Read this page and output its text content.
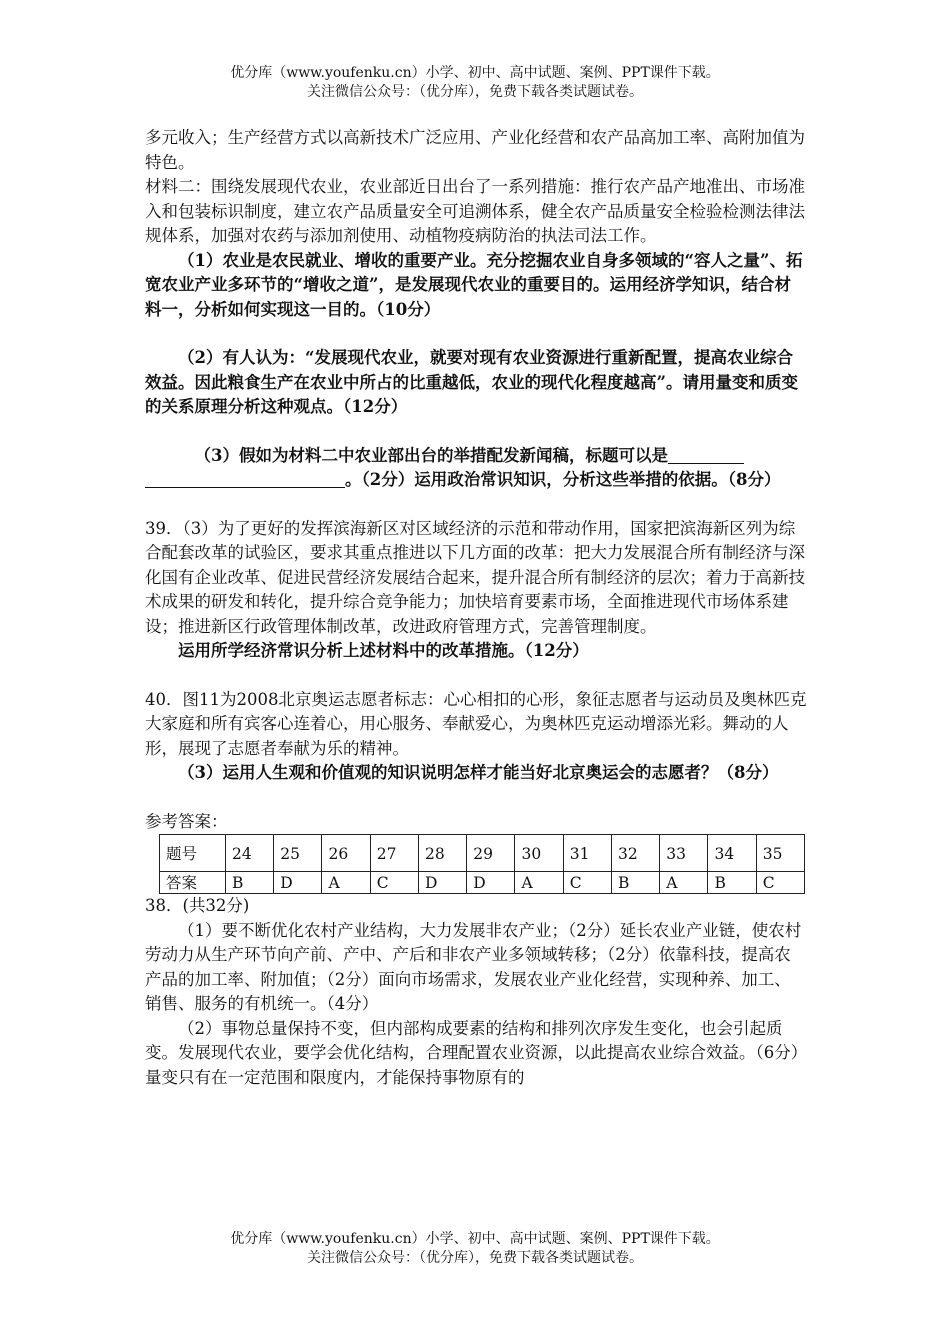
优分库（www.youfenku.cn）小学、初中、高中试题、案例、PPT课件下载。
关注微信公众号：（优分库），免费下载各类试题试卷。

多元收入；生产经营方式以高新技术广泛应用、产业化经营和农产品高加工率、高附加值为特色。

材料二：围绕发展现代农业，农业部近日出台了一系列措施：推行农产品产地准出、市场准入和包装标识制度，建立农产品质量安全可追溯体系，健全农产品质量安全检验检测法律法规体系，加强对农药与添加剂使用、动植物疫病防治的执法司法工作。

（1）农业是农民就业、增收的重要产业。充分挖掘农业自身多领域的“容人之量”、拓宽农业产业多环节的“增收之道”，是发展现代农业的重要目的。运用经济学知识，结合材料一，分析如何实现这一目的。（10分）

（2）有人认为：“发展现代农业，就要对现有农业资源进行重新配置，提高农业综合效益。因此粮食生产在农业中所占的比重越低，农业的现代化程度越高”。请用量变和质变的关系原理分析这种观点。（12分）

（3）假如为材料二中农业部出台的举措配发新闻稿，标题可以是
。（2分）运用政治常识知识，分析这些举措的依据。（8分）

39．（3）为了更好的发挥滨海新区对区域经济的示范和带动作用，国家把滨海新区列为综合配套改革的试验区，要求其重点推进以下几方面的改革：把大力发展混合所有制经济与深化国有企业改革、促进民营经济发展结合起来，提升混合所有制经济的层次；着力于高新技术成果的研发和转化，提升综合竞争能力；加快培育要素市场，全面推进现代市场体系建设；推进新区行政管理体制改革，改进政府管理方式，完善管理制度。

运用所学经济常识分析上述材料中的改革措施。（12分）

40．图11为2008北京奥运志愿者标志：心心相扣的心形，象征志愿者与运动员及奥林匹克大家庭和所有宾客心连着心，用心服务、奉献爱心，为奥林匹克运动增添光彩。舞动的人形，展现了志愿者奉献为乐的精神。

（3）运用人生观和价值观的知识说明怎样才能当好北京奥运会的志愿者？（8分）

参考答案：

题号	24	25	26	27	28	29	30	31	32	33	34	35
答案	B	D	A	C	D	D	A	C	B	A	B	C

38．(共32分)

（1）要不断优化农村产业结构，大力发展非农产业；（2分）延长农业产业链，使农村劳动力从生产环节向产前、产中、产后和非农产业多领域转移；（2分）依靠科技，提高农产品的加工率、附加值；（2分）面向市场需求，发展农业产业化经营，实现种养、加工、销售、服务的有机统一。（4分）

（2）事物总量保持不变，但内部构成要素的结构和排列次序发生变化，也会引起质变。发展现代农业，要学会优化结构，合理配置农业资源，以此提高农业综合效益。（6分）量变只有在一定范围和限度内，才能保持事物原有的

优分库（www.youfenku.cn）小学、初中、高中试题、案例、PPT课件下载。
关注微信公众号：（优分库），免费下载各类试题试卷。
